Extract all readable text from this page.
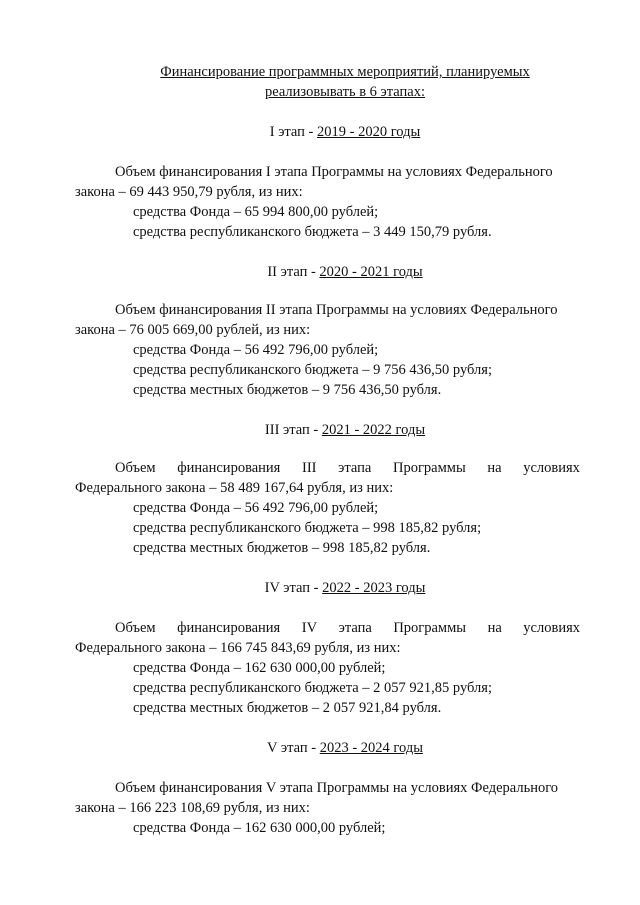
Финансирование программных мероприятий, планируемых
реализовывать в 6 этапах:
I этап - 2019 - 2020 годы
Объем финансирования I этапа Программы на условиях Федерального
закона – 69 443 950,79 рубля, из них:
средства Фонда – 65 994 800,00 рублей;
средства республиканского бюджета – 3 449 150,79 рубля.
II этап - 2020 - 2021 годы
Объем финансирования II этапа Программы на условиях Федерального
закона – 76 005 669,00 рублей, из них:
средства Фонда – 56 492 796,00 рублей;
средства республиканского бюджета – 9 756 436,50 рубля;
средства местных бюджетов – 9 756 436,50 рубля.
III этап - 2021 - 2022 годы
Объем финансирования III этапа Программы на условиях
Федерального закона – 58 489 167,64 рубля, из них:
средства Фонда – 56 492 796,00 рублей;
средства республиканского бюджета – 998 185,82 рубля;
средства местных бюджетов – 998 185,82 рубля.
IV этап - 2022 - 2023 годы
Объем финансирования IV этапа Программы на условиях
Федерального закона – 166 745 843,69 рубля, из них:
средства Фонда – 162 630 000,00 рублей;
средства республиканского бюджета – 2 057 921,85 рубля;
средства местных бюджетов – 2 057 921,84 рубля.
V этап - 2023 - 2024 годы
Объем финансирования V этапа Программы на условиях Федерального
закона – 166 223 108,69 рубля, из них:
средства Фонда – 162 630 000,00 рублей;
